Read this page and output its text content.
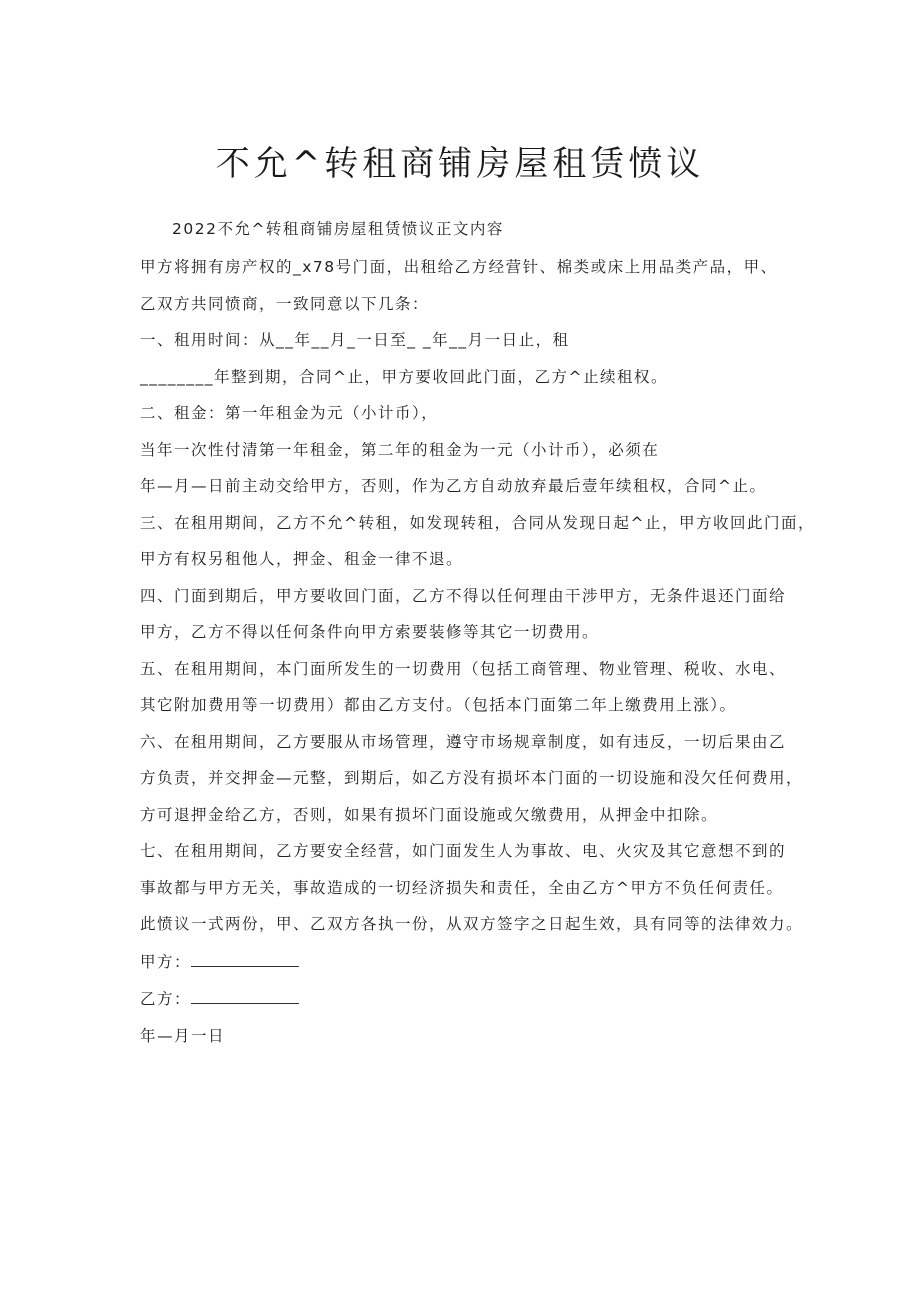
不允^转租商铺房屋租赁愤议
2022不允^转租商铺房屋租赁愤议正文内容
甲方将拥有房产权的_x78号门面，出租给乙方经营针、棉类或床上用品类产品，甲、
乙双方共同愤商，一致同意以下几条：
一、租用时间：从__年__月_一日至_ _年__月一日止，租
________年整到期，合同^止，甲方要收回此门面，乙方^止续租权。
二、租金：第一年租金为元（小计币），
当年一次性付清第一年租金，第二年的租金为一元（小计币），必须在
年—月—日前主动交给甲方，否则，作为乙方自动放弃最后壹年续租权，合同^止。
三、在租用期间，乙方不允^转租，如发现转租，合同从发现日起^止，甲方收回此门面，
甲方有权另租他人，押金、租金一律不退。
四、门面到期后，甲方要收回门面，乙方不得以任何理由干涉甲方，无条件退还门面给
甲方，乙方不得以任何条件向甲方索要装修等其它一切费用。
五、在租用期间，本门面所发生的一切费用（包括工商管理、物业管理、税收、水电、
其它附加费用等一切费用）都由乙方支付。（包括本门面第二年上缴费用上涨）。
六、在租用期间，乙方要服从市场管理，遵守市场规章制度，如有违反，一切后果由乙
方负责，并交押金—元整，到期后，如乙方没有损坏本门面的一切设施和没欠任何费用，
方可退押金给乙方，否则，如果有损坏门面设施或欠缴费用，从押金中扣除。
七、在租用期间，乙方要安全经营，如门面发生人为事故、电、火灾及其它意想不到的
事故都与甲方无关，事故造成的一切经济损失和责任，全由乙方^甲方不负任何责任。
此愤议一式两份，甲、乙双方各执一份，从双方签字之日起生效，具有同等的法律效力。
甲方：
乙方：
年—月一日
